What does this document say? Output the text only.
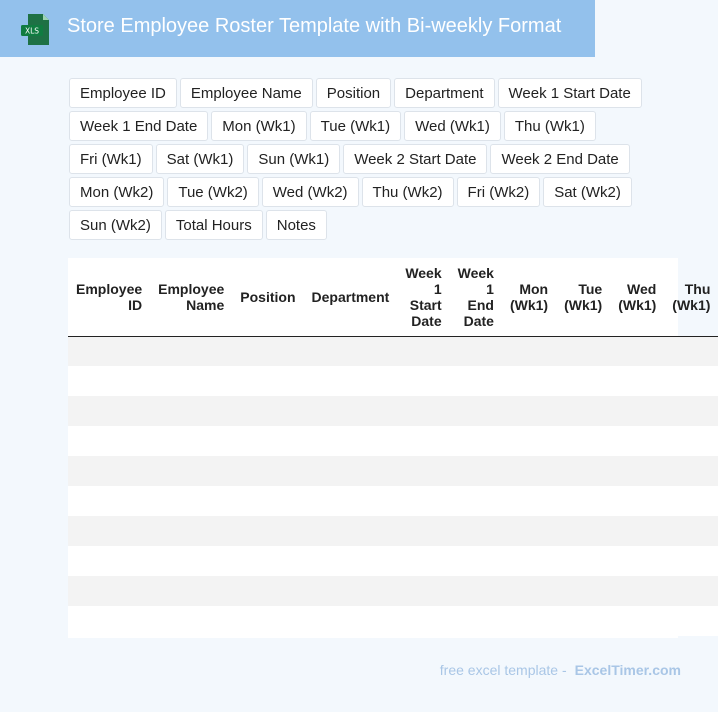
XLS Store Employee Roster Template with Bi-weekly Format
Employee ID	Employee Name	Position	Department	Week 1 Start Date
Week 1 End Date	Mon (Wk1)	Tue (Wk1)	Wed (Wk1)	Thu (Wk1)
Fri (Wk1)	Sat (Wk1)	Sun (Wk1)	Week 2 Start Date	Week 2 End Date
Mon (Wk2)	Tue (Wk2)	Wed (Wk2)	Thu (Wk2)	Fri (Wk2)	Sat (Wk2)
Sun (Wk2)	Total Hours	Notes
Employee ID	Employee Name	Position	Department	Week 1 Start Date	Week 1 End Date	Mon (Wk1)	Tue (Wk1)	Wed (Wk1)	Thu (Wk1)

free excel template - ExcelTimer.com
